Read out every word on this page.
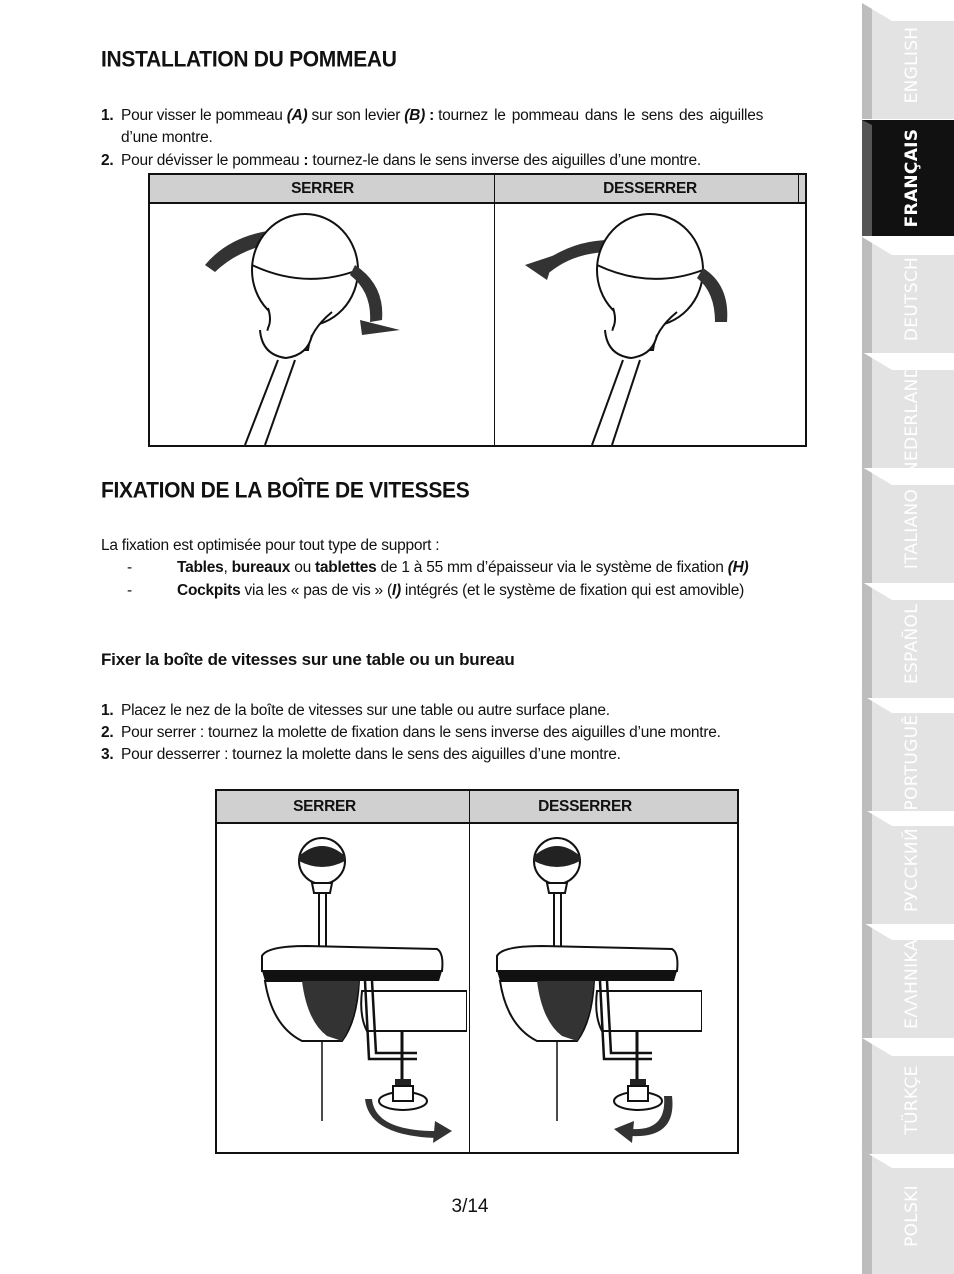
INSTALLATION DU POMMEAU
1. Pour visser le pommeau (A) sur son levier (B) : tournez le pommeau dans le sens des aiguilles
d’une montre.
2. Pour dévisser le pommeau : tournez-le dans le sens inverse des aiguilles d’une montre.
SERRER	DESSERRER
FIXATION DE LA BOÎTE DE VITESSES
La fixation est optimisée pour tout type de support :
-	Tables, bureaux ou tablettes de 1 à 55 mm d’épaisseur via le système de fixation (H)
-	Cockpits via les « pas de vis » (I) intégrés (et le système de fixation qui est amovible)
Fixer la boîte de vitesses sur une table ou un bureau
1. Placez le nez de la boîte de vitesses sur une table ou autre surface plane.
2. Pour serrer : tournez la molette de fixation dans le sens inverse des aiguilles d’une montre.
3. Pour desserrer : tournez la molette dans le sens des aiguilles d’une montre.
SERRER	DESSERRER
3/14
ENGLISH
FRANÇAIS
DEUTSCH
NEDERLANDS
ITALIANO
ESPAÑOL
PORTUGUÊS
РУССКИЙ
ΕΛΛΗΝΙΚΑ
TÜRKÇE
POLSKI
